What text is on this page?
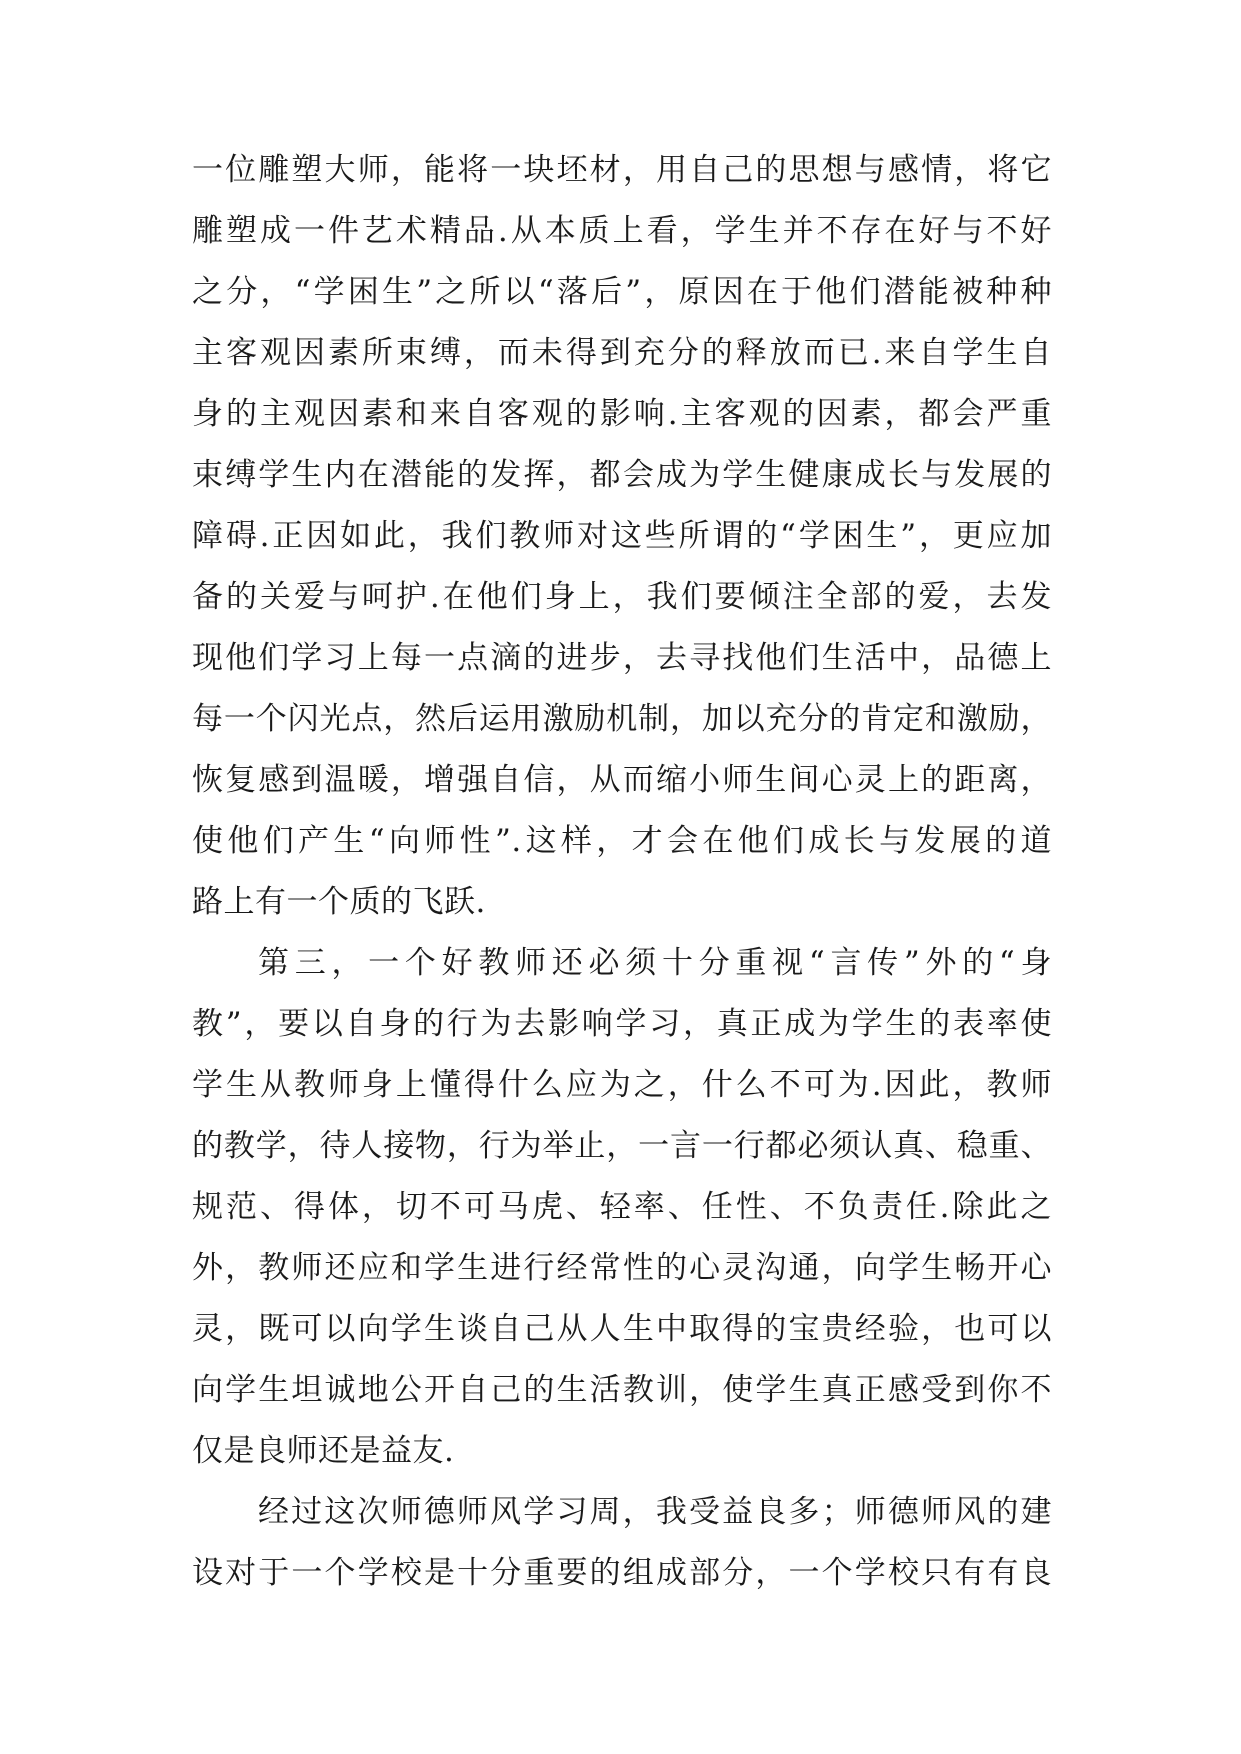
一位雕塑大师，能将一块坯材，用自己的思想与感情，将它
雕塑成一件艺术精品.从本质上看，学生并不存在好与不好
之分，“学困生”之所以“落后”，原因在于他们潜能被种种
主客观因素所束缚，而未得到充分的释放而已.来自学生自
身的主观因素和来自客观的影响.主客观的因素，都会严重
束缚学生内在潜能的发挥，都会成为学生健康成长与发展的
障碍.正因如此，我们教师对这些所谓的“学困生”，更应加
备的关爱与呵护.在他们身上，我们要倾注全部的爱，去发
现他们学习上每一点滴的进步，去寻找他们生活中，品德上
每一个闪光点，然后运用激励机制，加以充分的肯定和激励，
恢复感到温暖，增强自信，从而缩小师生间心灵上的距离，
使他们产生“向师性”.这样，才会在他们成长与发展的道
路上有一个质的飞跃.
第三，一个好教师还必须十分重视“言传”外的“身
教”，要以自身的行为去影响学习，真正成为学生的表率使
学生从教师身上懂得什么应为之，什么不可为.因此，教师
的教学，待人接物，行为举止，一言一行都必须认真、稳重、
规范、得体，切不可马虎、轻率、任性、不负责任.除此之
外，教师还应和学生进行经常性的心灵沟通，向学生畅开心
灵，既可以向学生谈自己从人生中取得的宝贵经验，也可以
向学生坦诚地公开自己的生活教训，使学生真正感受到你不
仅是良师还是益友.
经过这次师德师风学习周，我受益良多；师德师风的建
设对于一个学校是十分重要的组成部分，一个学校只有有良
